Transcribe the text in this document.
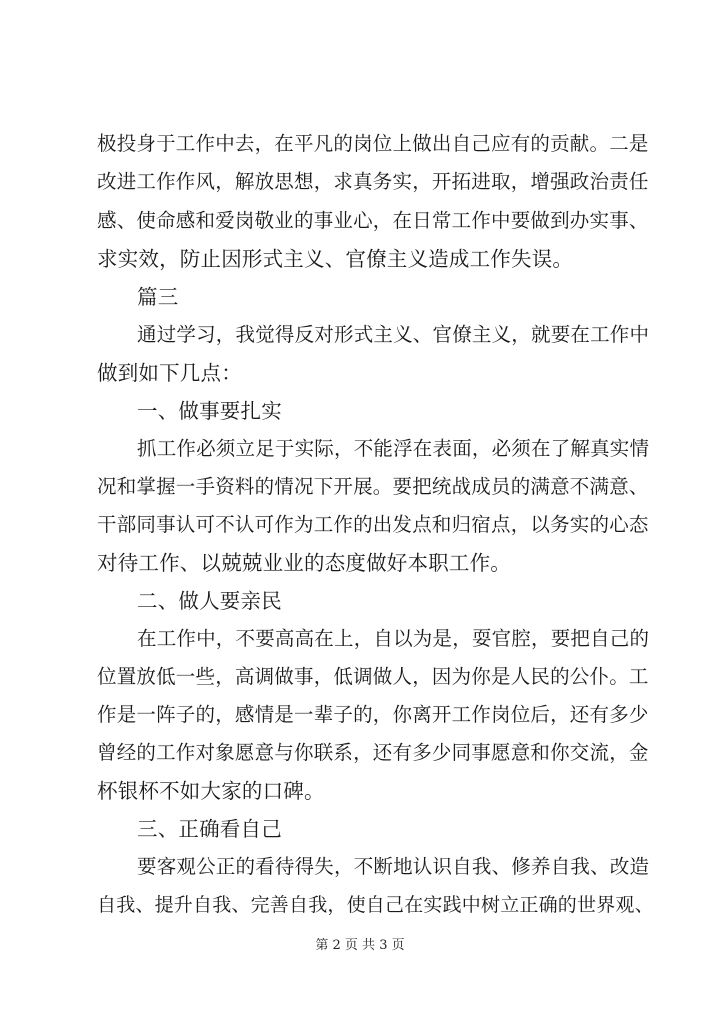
极投身于工作中去，在平凡的岗位上做出自己应有的贡献。二是
改进工作作风，解放思想，求真务实，开拓进取，增强政治责任
感、使命感和爱岗敬业的事业心，在日常工作中要做到办实事、
求实效，防止因形式主义、官僚主义造成工作失误。
篇三
通过学习，我觉得反对形式主义、官僚主义，就要在工作中
做到如下几点：
一、做事要扎实
抓工作必须立足于实际，不能浮在表面，必须在了解真实情
况和掌握一手资料的情况下开展。要把统战成员的满意不满意、
干部同事认可不认可作为工作的出发点和归宿点，以务实的心态
对待工作、以兢兢业业的态度做好本职工作。
二、做人要亲民
在工作中，不要高高在上，自以为是，耍官腔，要把自己的
位置放低一些，高调做事，低调做人，因为你是人民的公仆。工
作是一阵子的，感情是一辈子的，你离开工作岗位后，还有多少
曾经的工作对象愿意与你联系，还有多少同事愿意和你交流，金
杯银杯不如大家的口碑。
三、正确看自己
要客观公正的看待得失，不断地认识自我、修养自我、改造
自我、提升自我、完善自我，使自己在实践中树立正确的世界观、
第 2 页 共 3 页
